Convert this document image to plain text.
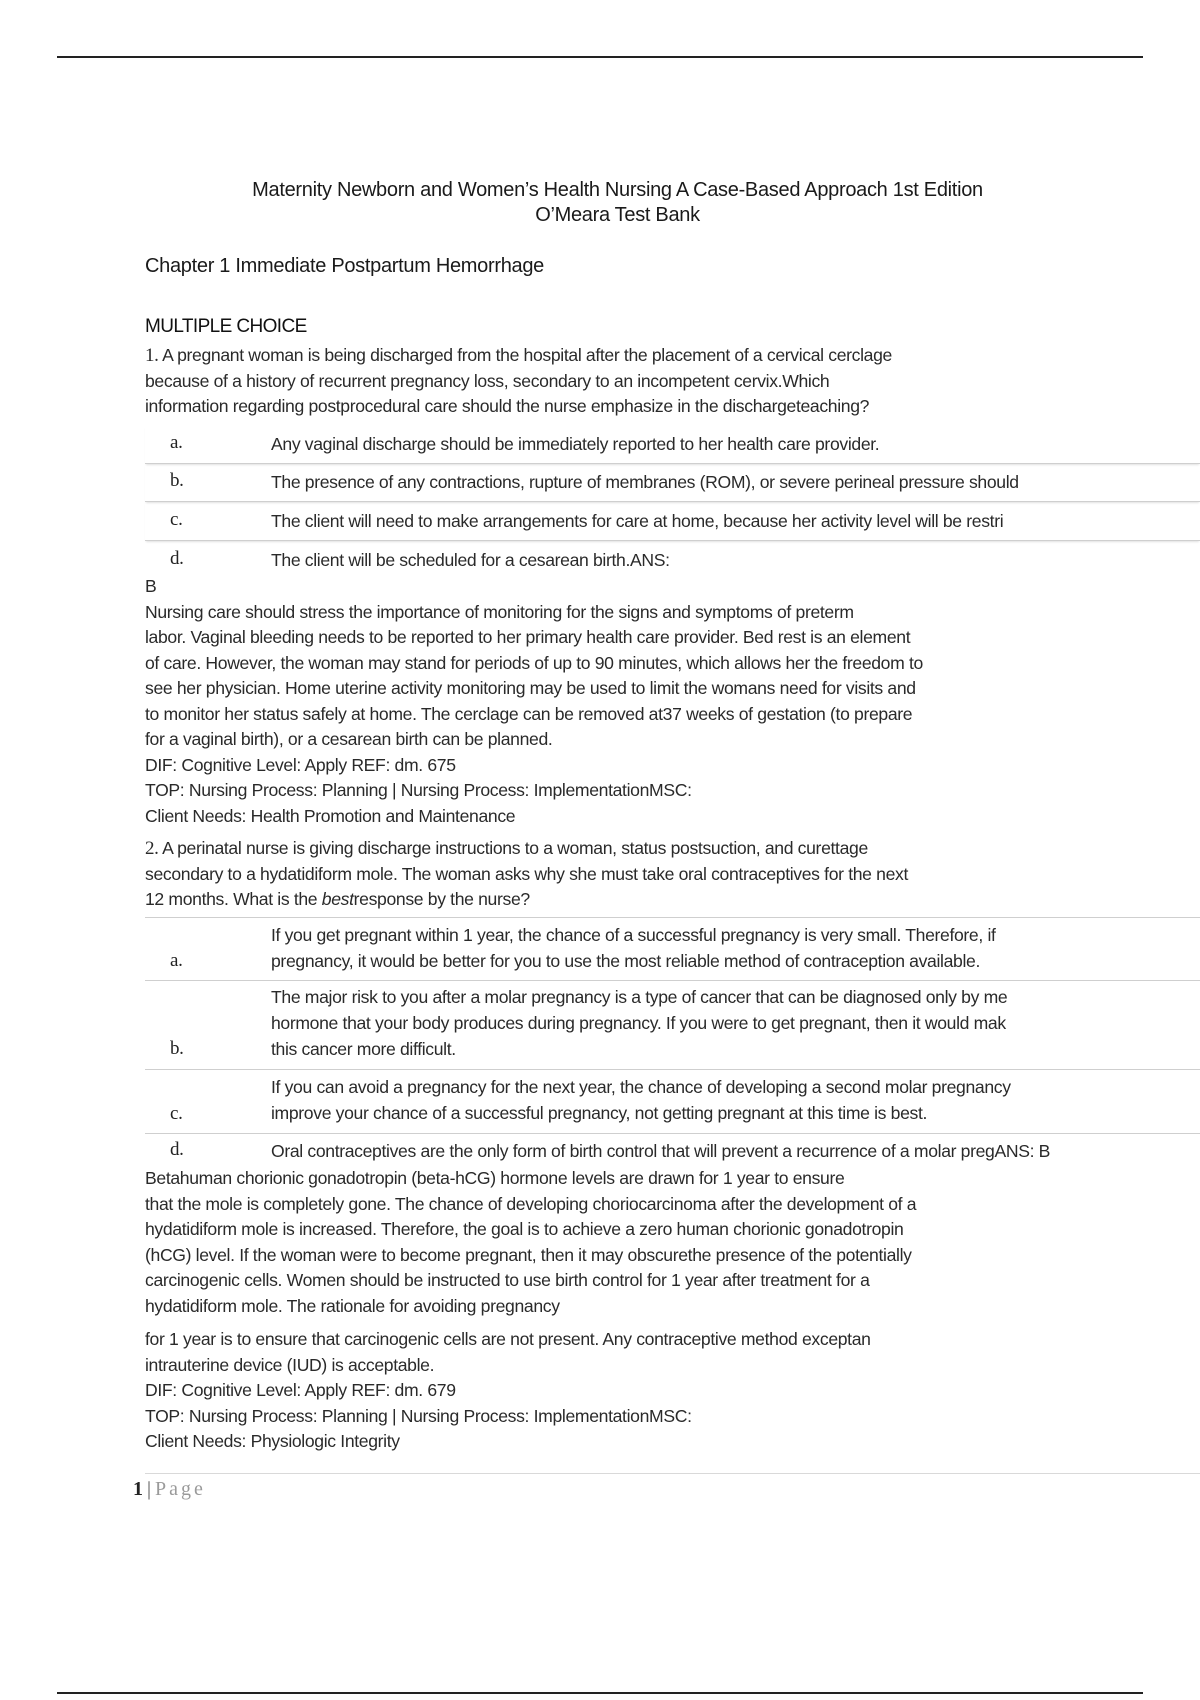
Maternity Newborn and Women’s Health Nursing A Case-Based Approach 1st Edition
O’Meara Test Bank
Chapter 1 Immediate Postpartum Hemorrhage
MULTIPLE CHOICE
1. A pregnant woman is being discharged from the hospital after the placement of a cervical cerclage
because of a history of recurrent pregnancy loss, secondary to an incompetent cervix.Which
information regarding postprocedural care should the nurse emphasize in the dischargeteaching?
a.	Any vaginal discharge should be immediately reported to her health care provider.
b.	The presence of any contractions, rupture of membranes (ROM), or severe perineal pressure should
c.	The client will need to make arrangements for care at home, because her activity level will be restri
d.	The client will be scheduled for a cesarean birth.ANS:
B
Nursing care should stress the importance of monitoring for the signs and symptoms of preterm
labor. Vaginal bleeding needs to be reported to her primary health care provider. Bed rest is an element
of care. However, the woman may stand for periods of up to 90 minutes, which allows her the freedom to
see her physician. Home uterine activity monitoring may be used to limit the womans need for visits and
to monitor her status safely at home. The cerclage can be removed at37 weeks of gestation (to prepare
for a vaginal birth), or a cesarean birth can be planned.
DIF: Cognitive Level: Apply REF: dm. 675
TOP: Nursing Process: Planning | Nursing Process: ImplementationMSC:
Client Needs: Health Promotion and Maintenance
2. A perinatal nurse is giving discharge instructions to a woman, status postsuction, and curettage
secondary to a hydatidiform mole. The woman asks why she must take oral contraceptives for the next
12 months. What is the bestresponse by the nurse?
a.
If you get pregnant within 1 year, the chance of a successful pregnancy is very small. Therefore, if
pregnancy, it would be better for you to use the most reliable method of contraception available.
b.
The major risk to you after a molar pregnancy is a type of cancer that can be diagnosed only by me
hormone that your body produces during pregnancy. If you were to get pregnant, then it would mak
this cancer more difficult.
c.
If you can avoid a pregnancy for the next year, the chance of developing a second molar pregnancy
improve your chance of a successful pregnancy, not getting pregnant at this time is best.
d.	Oral contraceptives are the only form of birth control that will prevent a recurrence of a molar pregANS: B
Betahuman chorionic gonadotropin (beta-hCG) hormone levels are drawn for 1 year to ensure
that the mole is completely gone. The chance of developing choriocarcinoma after the development of a
hydatidiform mole is increased. Therefore, the goal is to achieve a zero human chorionic gonadotropin
(hCG) level. If the woman were to become pregnant, then it may obscurethe presence of the potentially
carcinogenic cells. Women should be instructed to use birth control for 1 year after treatment for a
hydatidiform mole. The rationale for avoiding pregnancy
for 1 year is to ensure that carcinogenic cells are not present. Any contraceptive method exceptan
intrauterine device (IUD) is acceptable.
DIF: Cognitive Level: Apply REF: dm. 679
TOP: Nursing Process: Planning | Nursing Process: ImplementationMSC:
Client Needs: Physiologic Integrity
1 | Page
